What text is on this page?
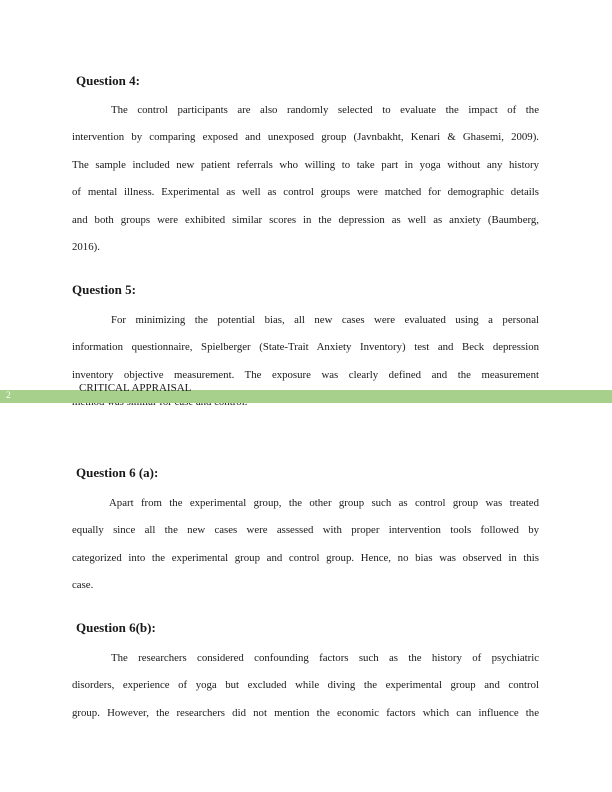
Question 4:
The control participants are also randomly selected to evaluate the impact of the
intervention by comparing exposed and unexposed group (Javnbakht, Kenari & Ghasemi, 2009).
The sample included new patient referrals who willing to take part in yoga without any history
of mental illness. Experimental as well as control groups were matched for demographic details
and both groups were exhibited similar scores in the depression as well as anxiety (Baumberg,
2016).
Question 5:
For minimizing the potential bias, all new cases were evaluated using a personal
information questionnaire, Spielberger (State-Trait Anxiety Inventory) test and Beck depression
inventory objective measurement. The exposure was clearly defined and the measurement
2
CRITICAL APPRAISAL
Question 6 (a):
Apart from the experimental group, the other group such as control group was treated
equally since all the new cases were assessed with proper intervention tools followed by
categorized into the experimental group and control group. Hence, no bias was observed in this
case.
Question 6(b):
The researchers considered confounding factors such as the history of psychiatric
disorders, experience of yoga but excluded while diving the experimental group and control
group. However, the researchers did not mention the economic factors which can influence the
